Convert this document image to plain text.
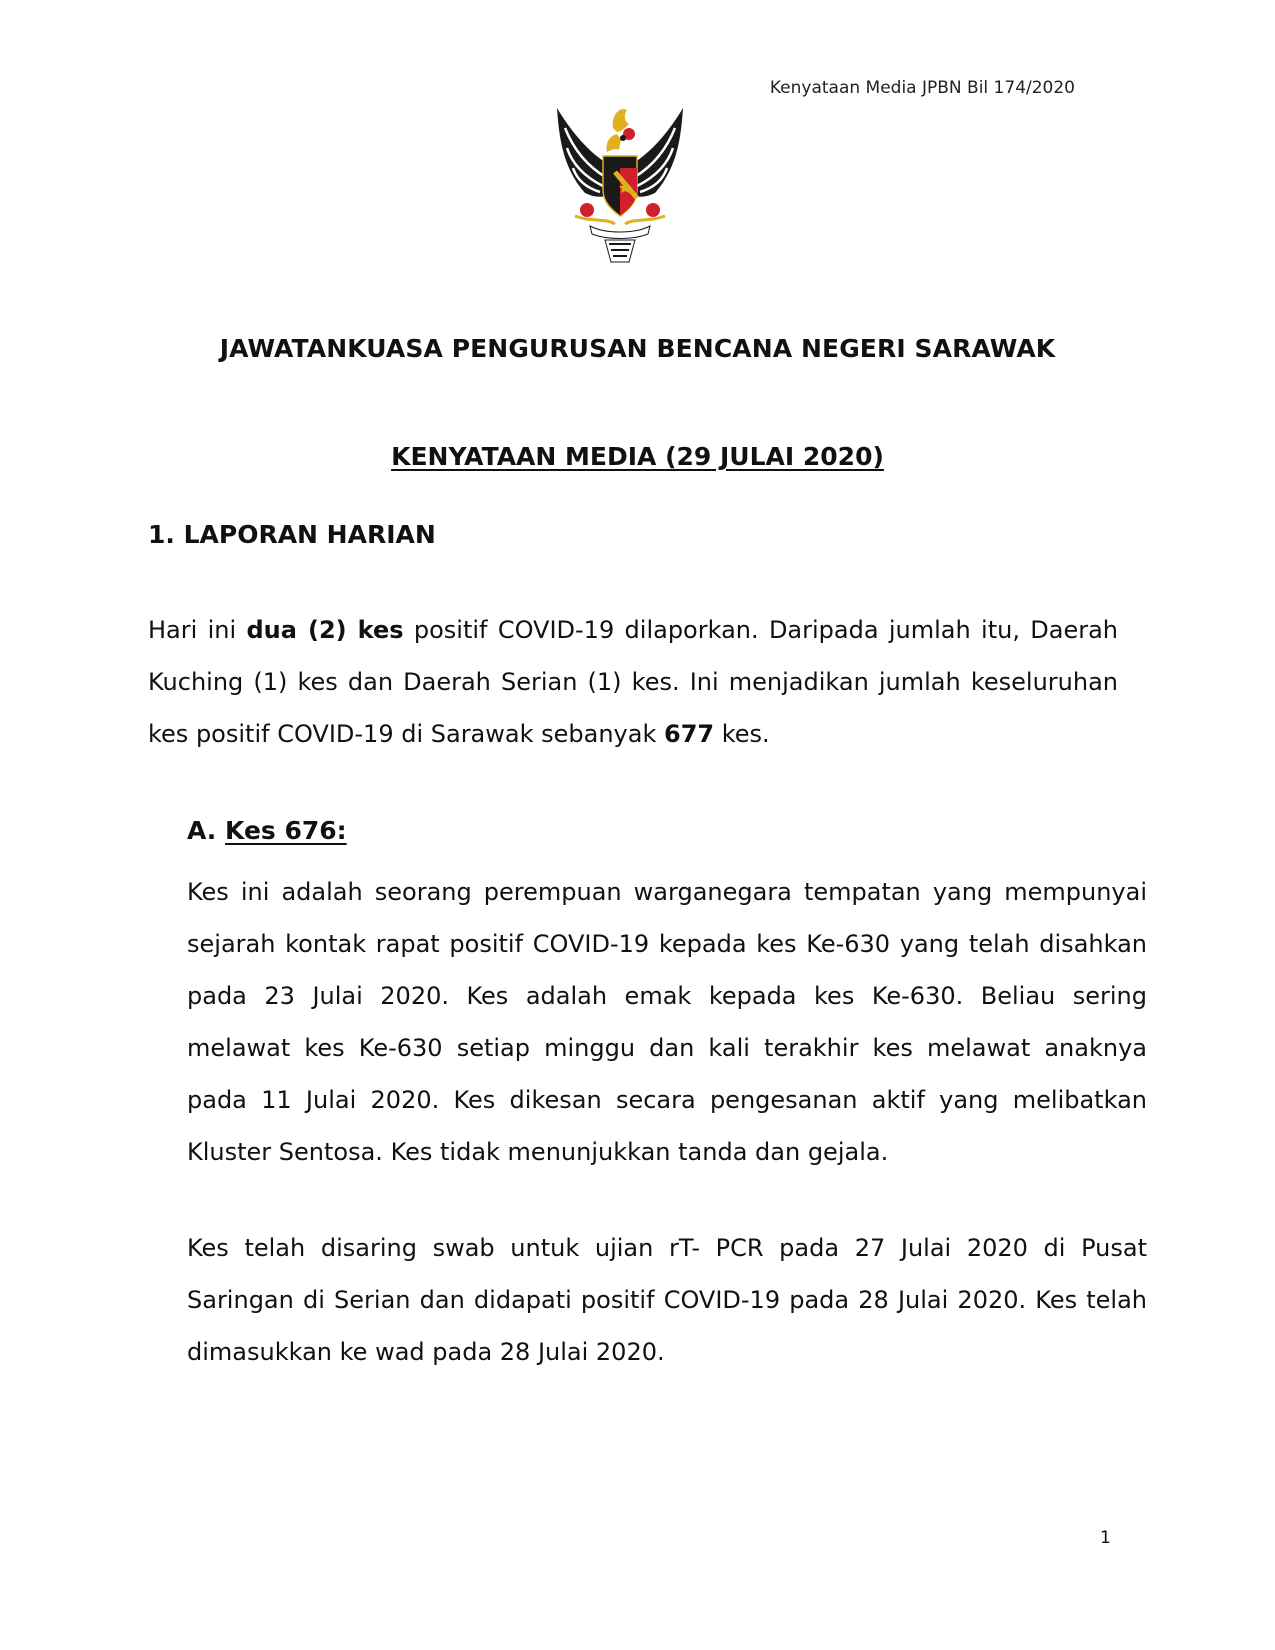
Kenyataan Media JPBN Bil 174/2020
JAWATANKUASA PENGURUSAN BENCANA NEGERI SARAWAK
KENYATAAN MEDIA (29 JULAI 2020)
1. LAPORAN HARIAN

Hari ini dua (2) kes positif COVID-19 dilaporkan. Daripada jumlah itu, Daerah Kuching (1) kes dan Daerah Serian (1) kes. Ini menjadikan jumlah keseluruhan kes positif COVID-19 di Sarawak sebanyak 677 kes.

A. Kes 676:

Kes ini adalah seorang perempuan warganegara tempatan yang mempunyai sejarah kontak rapat positif COVID-19 kepada kes Ke-630 yang telah disahkan pada 23 Julai 2020. Kes adalah emak kepada kes Ke-630. Beliau sering melawat kes Ke-630 setiap minggu dan kali terakhir kes melawat anaknya pada 11 Julai 2020. Kes dikesan secara pengesanan aktif yang melibatkan Kluster Sentosa. Kes tidak menunjukkan tanda dan gejala.

Kes telah disaring swab untuk ujian rT- PCR pada 27 Julai 2020 di Pusat Saringan di Serian dan didapati positif COVID-19 pada 28 Julai 2020. Kes telah dimasukkan ke wad pada 28 Julai 2020.

1
